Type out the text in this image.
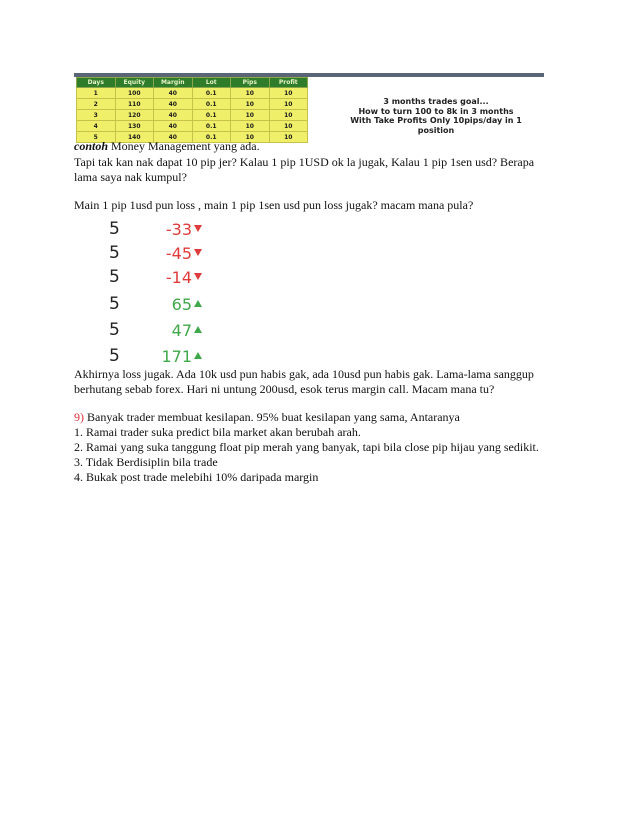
Days	Equity	Margin	Lot	Pips	Profit
1	100	40	0.1	10	10
2	110	40	0.1	10	10
3	120	40	0.1	10	10
4	130	40	0.1	10	10
5	140	40	0.1	10	10
3 months trades goal...
How to turn 100 to 8k in 3 months
With Take Profits Only 10pips/day in 1
position
contoh Money Management yang ada.
Tapi tak kan nak dapat 10 pip jer? Kalau 1 pip 1USD ok la jugak, Kalau 1 pip 1sen usd? Berapa
lama saya nak kumpul?
Main 1 pip 1usd pun loss , main 1 pip 1sen usd pun loss jugak? macam mana pula?
5	-33
5	-45
5	-14
5	65
5	47
5	171
Akhirnya loss jugak. Ada 10k usd pun habis gak, ada 10usd pun habis gak. Lama-lama sanggup
berhutang sebab forex. Hari ni untung 200usd, esok terus margin call. Macam mana tu?
9) Banyak trader membuat kesilapan. 95% buat kesilapan yang sama, Antaranya
1. Ramai trader suka predict bila market akan berubah arah.
2. Ramai yang suka tanggung float pip merah yang banyak, tapi bila close pip hijau yang sedikit.
3. Tidak Berdisiplin bila trade
4. Bukak post trade melebihi 10% daripada margin
